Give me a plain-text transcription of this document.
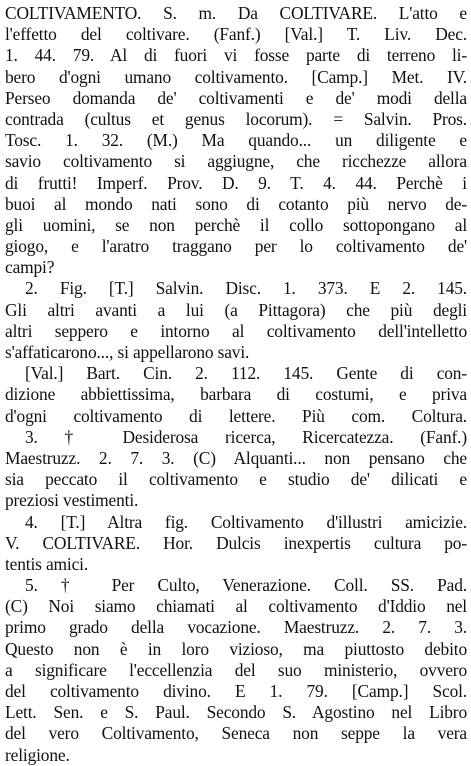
COLTIVAMENTO. S. m. Da COLTIVARE. L'atto e
l'effetto del coltivare. (Fanf.) [Val.] T. Liv. Dec.
1. 44. 79. Al di fuori vi fosse parte di terreno li-
bero d'ogni umano coltivamento. [Camp.] Met. IV.
Perseo domanda de' coltivamenti e de' modi della
contrada (cultus et genus locorum). = Salvin. Pros.
Tosc. 1. 32. (M.) Ma quando... un diligente e
savio coltivamento si aggiugne, che ricchezze allora
di frutti! Imperf. Prov. D. 9. T. 4. 44. Perchè i
buoi al mondo nati sono di cotanto più nervo de-
gli uomini, se non perchè il collo sottopongano al
giogo, e l'aratro traggano per lo coltivamento de'
campi?
2. Fig. [T.] Salvin. Disc. 1. 373. E 2. 145.
Gli altri avanti a lui (a Pittagora) che più degli
altri seppero e intorno al coltivamento dell'intelletto
s'affaticarono..., si appellarono savi.
[Val.] Bart. Cin. 2. 112. 145. Gente di con-
dizione abbiettissima, barbara di costumi, e priva
d'ogni coltivamento di lettere. Più com. Coltura.
3. † Desiderosa ricerca, Ricercatezza. (Fanf.)
Maestruzz. 2. 7. 3. (C) Alquanti... non pensano che
sia peccato il coltivamento e studio de' dilicati e
preziosi vestimenti.
4. [T.] Altra fig. Coltivamento d'illustri amicizie.
V. COLTIVARE. Hor. Dulcis inexpertis cultura po-
tentis amici.
5. † Per Culto, Venerazione. Coll. SS. Pad.
(C) Noi siamo chiamati al coltivamento d'Iddio nel
primo grado della vocazione. Maestruzz. 2. 7. 3.
Questo non è in loro vizioso, ma piuttosto debito
a significare l'eccellenzia del suo ministerio, ovvero
del coltivamento divino. E 1. 79. [Camp.] Scol.
Lett. Sen. e S. Paul. Secondo S. Agostino nel Libro
del vero Coltivamento, Seneca non seppe la vera
religione.
